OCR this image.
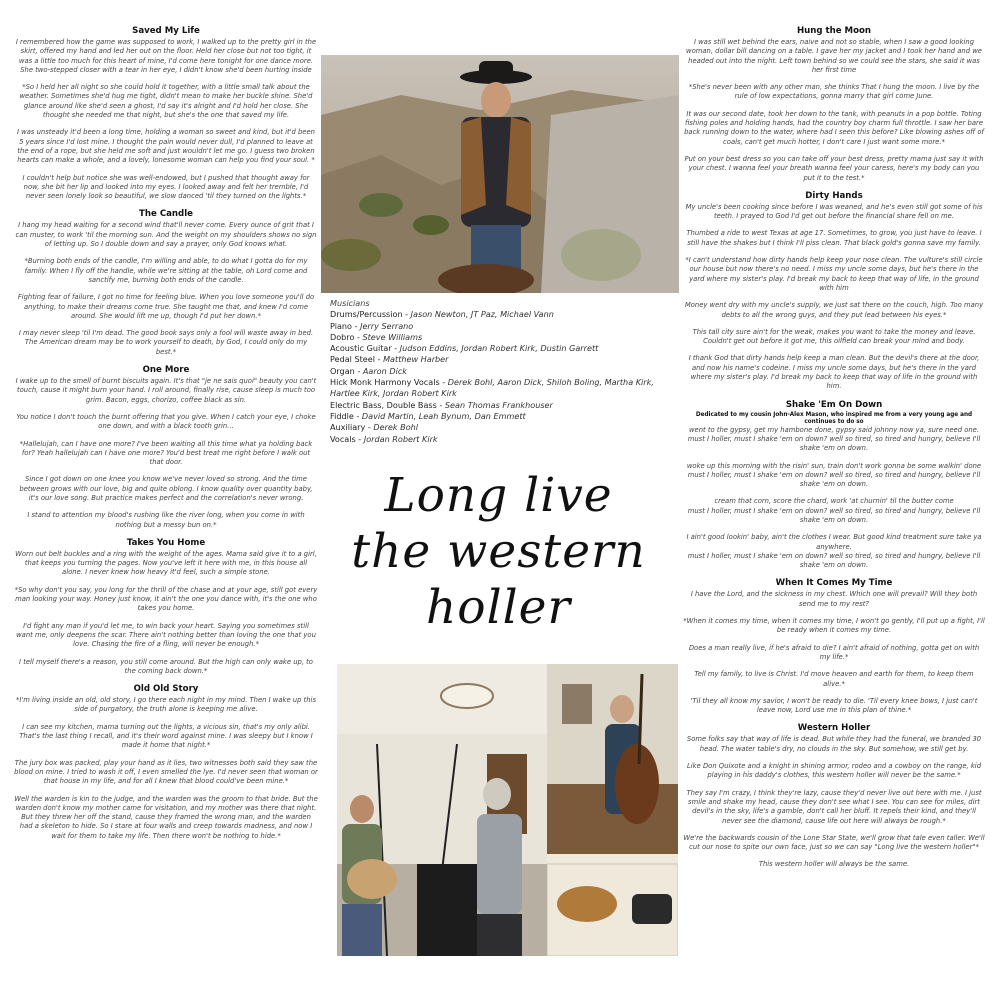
Saved My Life

I remembered how the game was supposed to work, I walked up to the pretty girl in the skirt, offered my hand and led her out on the floor. Held her close but not too tight, it was a little too much for this heart of mine, I'd come here tonight for one dance more. She two-stepped closer with a tear in her eye, I didn't know she'd been hurting inside

*So I held her all night so she could hold it together, with a little small talk about the weather. Sometimes she'd hug me tight, didn't mean to make her buckle shine. She'd glance around like she'd seen a ghost, I'd say it's alright and I'd hold her close. She thought she needed me that night, but she's the one that saved my life.

I was unsteady it'd been a long time, holding a woman so sweet and kind, but it'd been 5 years since I'd lost mine. I thought the pain would never dull, I'd planned to leave at the end of a rope, but she held me soft and just wouldn't let me go. I guess two broken hearts can make a whole, and a lovely, lonesome woman can help you find your soul. *

I couldn't help but notice she was well-endowed, but I pushed that thought away for now, she bit her lip and looked into my eyes. I looked away and felt her tremble, I'd never seen lonely look so beautiful, we slow danced 'til they turned on the lights.*

The Candle

I hang my head waiting for a second wind that'll never come. Every ounce of grit that I can muster, to work 'til the morning sun. And the weight on my shoulders shows no sign of letting up. So I double down and say a prayer, only God knows what.

*Burning both ends of the candle, I'm willing and able, to do what I gotta do for my family. When I fly off the handle, while we're sitting at the table, oh Lord come and sanctify me, burning both ends of the candle.

Fighting fear of failure, I got no time for feeling blue. When you love someone you'll do anything, to make their dreams come true. She taught me that, and knew I'd come around. She would lift me up, though I'd put her down.*

I may never sleep 'til I'm dead. The good book says only a fool will waste away in bed. The American dream may be to work yourself to death, by God, I could only do my best.*

One More

I wake up to the smell of burnt biscuits again. It's that "je ne sais quoi" beauty you can't touch, cause it might burn your hand. I roll around, finally rise, cause sleep is much too grim. Bacon, eggs, chorizo, coffee black as sin.

You notice I don't touch the burnt offering that you give. When I catch your eye, I choke one down, and with a black tooth grin...

*Hallelujah, can I have one more? I've been waiting all this time what ya holding back for? Yeah hallelujah can I have one more? You'd best treat me right before I walk out that door.

Since I got down on one knee you know we've never loved so strong. And the time between grows with our love, big and quite oblong. I know quality over quantity baby, it's our love song. But practice makes perfect and the correlation's never wrong.

I stand to attention my blood's rushing like the river long, when you come in with nothing but a messy bun on.*

Takes You Home

Worn out belt buckles and a ring with the weight of the ages. Mama said give it to a girl, that keeps you turning the pages. Now you've left it here with me, in this house all alone. I never knew how heavy it'd feel, such a simple stone.

*So why don't you say, you long for the thrill of the chase and at your age, still got every man looking your way. Honey just know, it ain't the one you dance with, it's the one who takes you home.

I'd fight any man if you'd let me, to win back your heart. Saying you sometimes still want me, only deepens the scar. There ain't nothing better than loving the one that you love. Chasing the fire of a fling, will never be enough.*

I tell myself there's a reason, you still come around. But the high can only wake up, to the coming back down.*

Old Old Story

*I'm living inside an old, old story, I go there each night in my mind. Then I wake up this side of purgatory, the truth alone is keeping me alive.

I can see my kitchen, mama turning out the lights, a vicious sin, that's my only alibi. That's the last thing I recall, and it's their word against mine. I was sleepy but I know I made it home that night.*

The jury box was packed, play your hand as it lies, two witnesses both said they saw the blood on mine. I tried to wash it off, I even smelled the lye. I'd never seen that woman or that house in my life, and for all I knew that blood could've been mine.*

Well the warden is kin to the judge, and the warden was the groom to that bride. But the warden don't know my mother came for visitation, and my mother was there that night. But they threw her off the stand, cause they framed the wrong man, and the warden had a skeleton to hide. So I stare at four walls and creep towards madness, and now I wait for them to take my life. Then there won't be nothing to hide.*

Hung the Moon

I was still wet behind the ears, naive and not so stable, when I saw a good looking woman, dollar bill dancing on a table. I gave her my jacket and I took her hand and we headed out into the night. Left town behind so we could see the stars, she said it was her first time

*She's never been with any other man, she thinks That I hung the moon. I live by the rule of low expectations, gonna marry that girl come June.

It was our second date, took her down to the tank, with peanuts in a pop bottle. Toting fishing poles and holding hands, had the country boy charm full throttle. I saw her bare back running down to the water, where had I seen this before? Like blowing ashes off of coals, can't get much hotter, I don't care I just want some more.*

Put on your best dress so you can take off your best dress, pretty mama just say it with your chest. I wanna feel your breath wanna feel your caress, here's my body can you put it to the test.*

Dirty Hands

My uncle's been cooking since before I was weaned, and he's even still got some of his teeth. I prayed to God I'd get out before the financial share fell on me.

Thumbed a ride to west Texas at age 17. Sometimes, to grow, you just have to leave. I still have the shakes but I think I'll piss clean. That black gold's gonna save my family.

*I can't understand how dirty hands help keep your nose clean. The vulture's still circle our house but now there's no need. I miss my uncle some days, but he's there in the yard where my sister's play. I'd break my back to keep that way of life, in the ground with him

Money went dry with my uncle's supply, we just sat there on the couch, high. Too many debts to all the wrong guys, and they put lead between his eyes.*

This tall city sure ain't for the weak, makes you want to take the money and leave. Couldn't get out before it got me, this oilfield can break your mind and body.

I thank God that dirty hands help keep a man clean. But the devil's there at the door, and now his name's codeine. I miss my uncle some days, but he's there in the yard where my sister's play. I'd break my back to keep that way of life in the ground with him.

Shake 'Em On Down

Dedicated to my cousin John-Alex Mason, who inspired me from a very young age and continues to do so

went to the gypsy, get my hambone done, gypsy said johnny now ya, sure need one.
must I holler, must I shake 'em on down? well so tired, so tired and hungry, believe I'll shake 'em on down.

woke up this morning with the risin' sun, train don't work gonna be some walkin' done
must I holler, must I shake 'em on down? well so tired, so tired and hungry, believe I'll shake 'em on down.

cream that corn, score the chard, work 'at churnin' til the butter come
must I holler, must I shake 'em on down? well so tired, so tired and hungry, believe I'll shake 'em on down.

I ain't good lookin' baby, ain't the clothes I wear. But good kind treatment sure take ya anywhere.
must I holler, must I shake 'em on down? well so tired, so tired and hungry, believe I'll shake 'em on down.

When It Comes My Time

I have the Lord, and the sickness in my chest. Which one will prevail? Will they both send me to my rest?

*When it comes my time, when it comes my time, I won't go gently, I'll put up a fight, I'll be ready when it comes my time.

Does a man really live, if he's afraid to die? I ain't afraid of nothing, gotta get on with my life.*

Tell my family, to live is Christ. I'd move heaven and earth for them, to keep them alive.*

'Til they all know my savior, I won't be ready to die. 'Til every knee bows, I just can't leave now, Lord use me in this plan of thine.*

Western Holler

Some folks say that way of life is dead. But while they had the funeral, we branded 30 head. The water table's dry, no clouds in the sky. But somehow, we still get by.

Like Don Quixote and a knight in shining armor, rodeo and a cowboy on the range, kid playing in his daddy's clothes, this western holler will never be the same.*

They say I'm crazy, I think they're lazy, cause they'd never live out here with me. I just smile and shake my head, cause they don't see what I see. You can see for miles, dirt devil's in the sky, life's a gamble, don't call her bluff. It repels their kind, and they'll never see the diamond, cause life out here will always be rough.*

We're the backwards cousin of the Lone Star State, we'll grow that tale even taller. We'll cut our nose to spite our own face, just so we can say "Long live the western holler"*

This western holler will always be the same.

Musicians
Drums/Percussion - Jason Newton, JT Paz, Michael Vann
Piano - Jerry Serrano
Dobro - Steve Williams
Acoustic Guitar - Judson Eddins, Jordan Robert Kirk, Dustin Garrett
Pedal Steel - Matthew Harber
Organ - Aaron Dick
Hick Monk Harmony Vocals - Derek Bohl, Aaron Dick, Shiloh Boling, Martha Kirk, Hartlee Kirk, Jordan Robert Kirk
Electric Bass, Double Bass - Sean Thomas Frankhouser
Fiddle - David Martin, Leah Bynum, Dan Emmett
Auxiliary - Derek Bohl
Vocals - Jordan Robert Kirk
Long live
the western
holler
